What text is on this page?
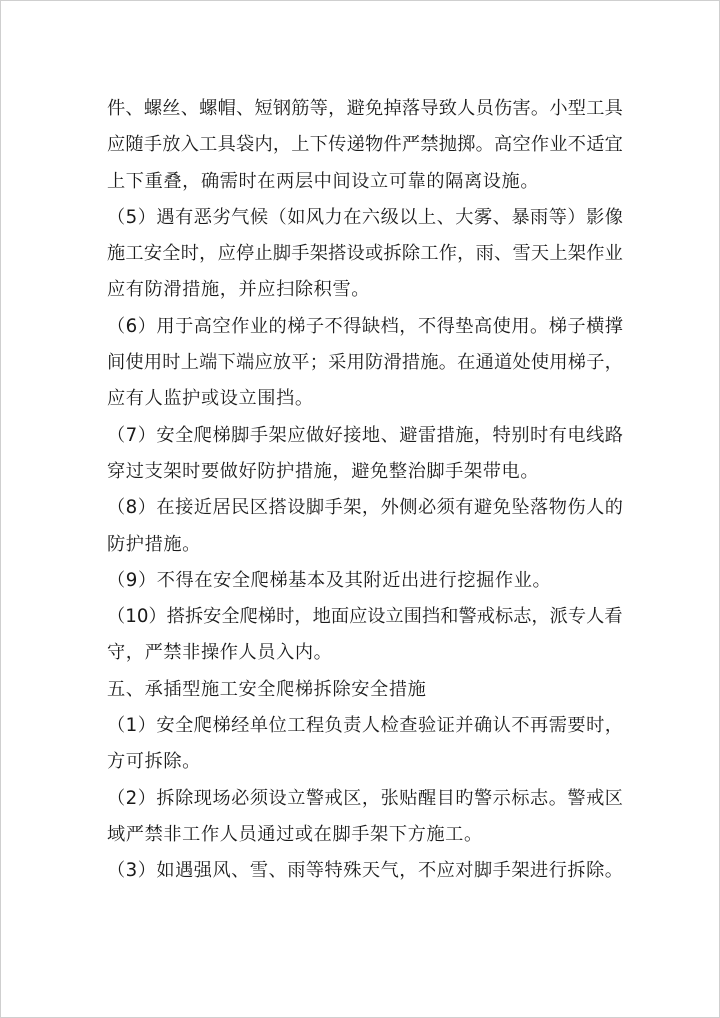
件、螺丝、螺帽、短钢筋等，避免掉落导致人员伤害。小型工具
应随手放入工具袋内，上下传递物件严禁抛掷。高空作业不适宜
上下重叠，确需时在两层中间设立可靠的隔离设施。
（5）遇有恶劣气候（如风力在六级以上、大雾、暴雨等）影像
施工安全时，应停止脚手架搭设或拆除工作，雨、雪天上架作业
应有防滑措施，并应扫除积雪。
（6）用于高空作业的梯子不得缺档，不得垫高使用。梯子横撑
间使用时上端下端应放平；采用防滑措施。在通道处使用梯子，
应有人监护或设立围挡。
（7）安全爬梯脚手架应做好接地、避雷措施，特别时有电线路
穿过支架时要做好防护措施，避免整治脚手架带电。
（8）在接近居民区搭设脚手架，外侧必须有避免坠落物伤人的
防护措施。
（9）不得在安全爬梯基本及其附近出进行挖掘作业。
（10）搭拆安全爬梯时，地面应设立围挡和警戒标志，派专人看
守，严禁非操作人员入内。
五、承插型施工安全爬梯拆除安全措施
（1）安全爬梯经单位工程负责人检查验证并确认不再需要时，
方可拆除。
（2）拆除现场必须设立警戒区，张贴醒目旳警示标志。警戒区
域严禁非工作人员通过或在脚手架下方施工。
（3）如遇强风、雪、雨等特殊天气，不应对脚手架进行拆除。
